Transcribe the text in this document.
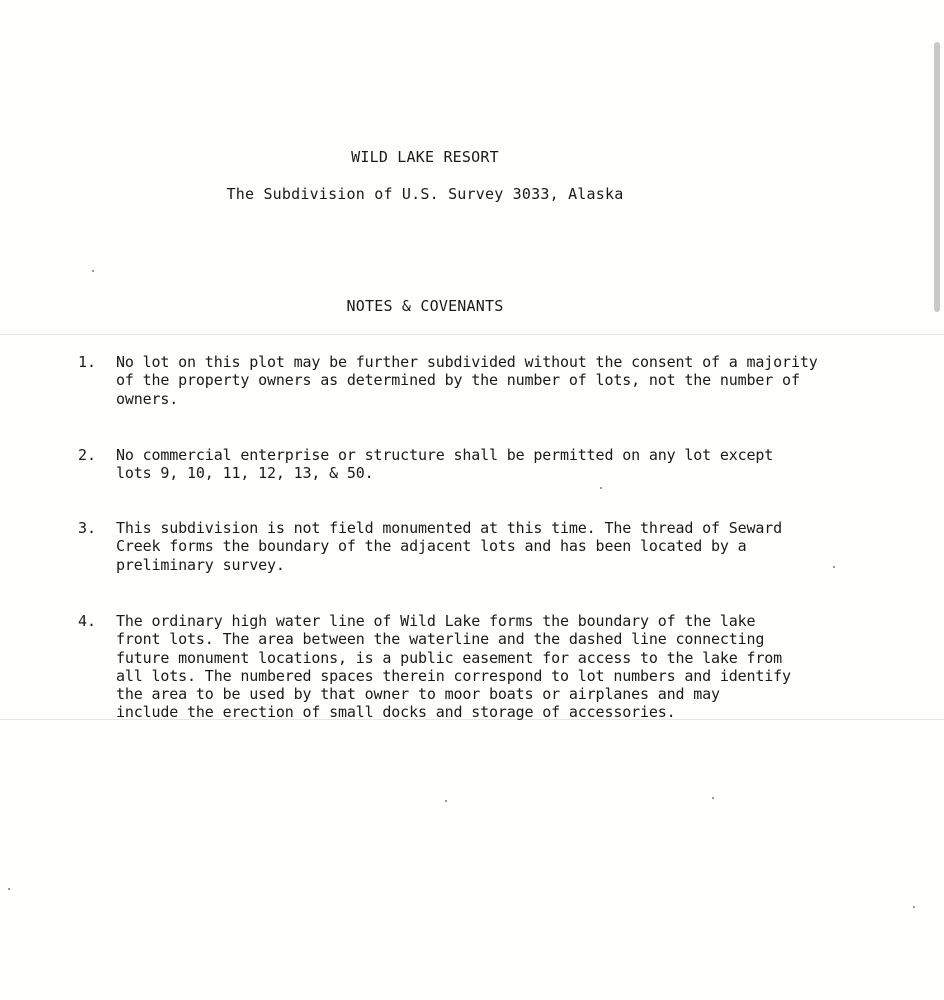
WILD LAKE RESORT
The Subdivision of U.S. Survey 3033, Alaska
NOTES & COVENANTS
1. No lot on this plot may be further subdivided without the consent of a majority
of the property owners as determined by the number of lots, not the number of
owners.
2. No commercial enterprise or structure shall be permitted on any lot except
lots 9, 10, 11, 12, 13, & 50.
3. This subdivision is not field monumented at this time. The thread of Seward
Creek forms the boundary of the adjacent lots and has been located by a
preliminary survey.
4. The ordinary high water line of Wild Lake forms the boundary of the lake
front lots. The area between the waterline and the dashed line connecting
future monument locations, is a public easement for access to the lake from
all lots. The numbered spaces therein correspond to lot numbers and identify
the area to be used by that owner to moor boats or airplanes and may
include the erection of small docks and storage of accessories.
